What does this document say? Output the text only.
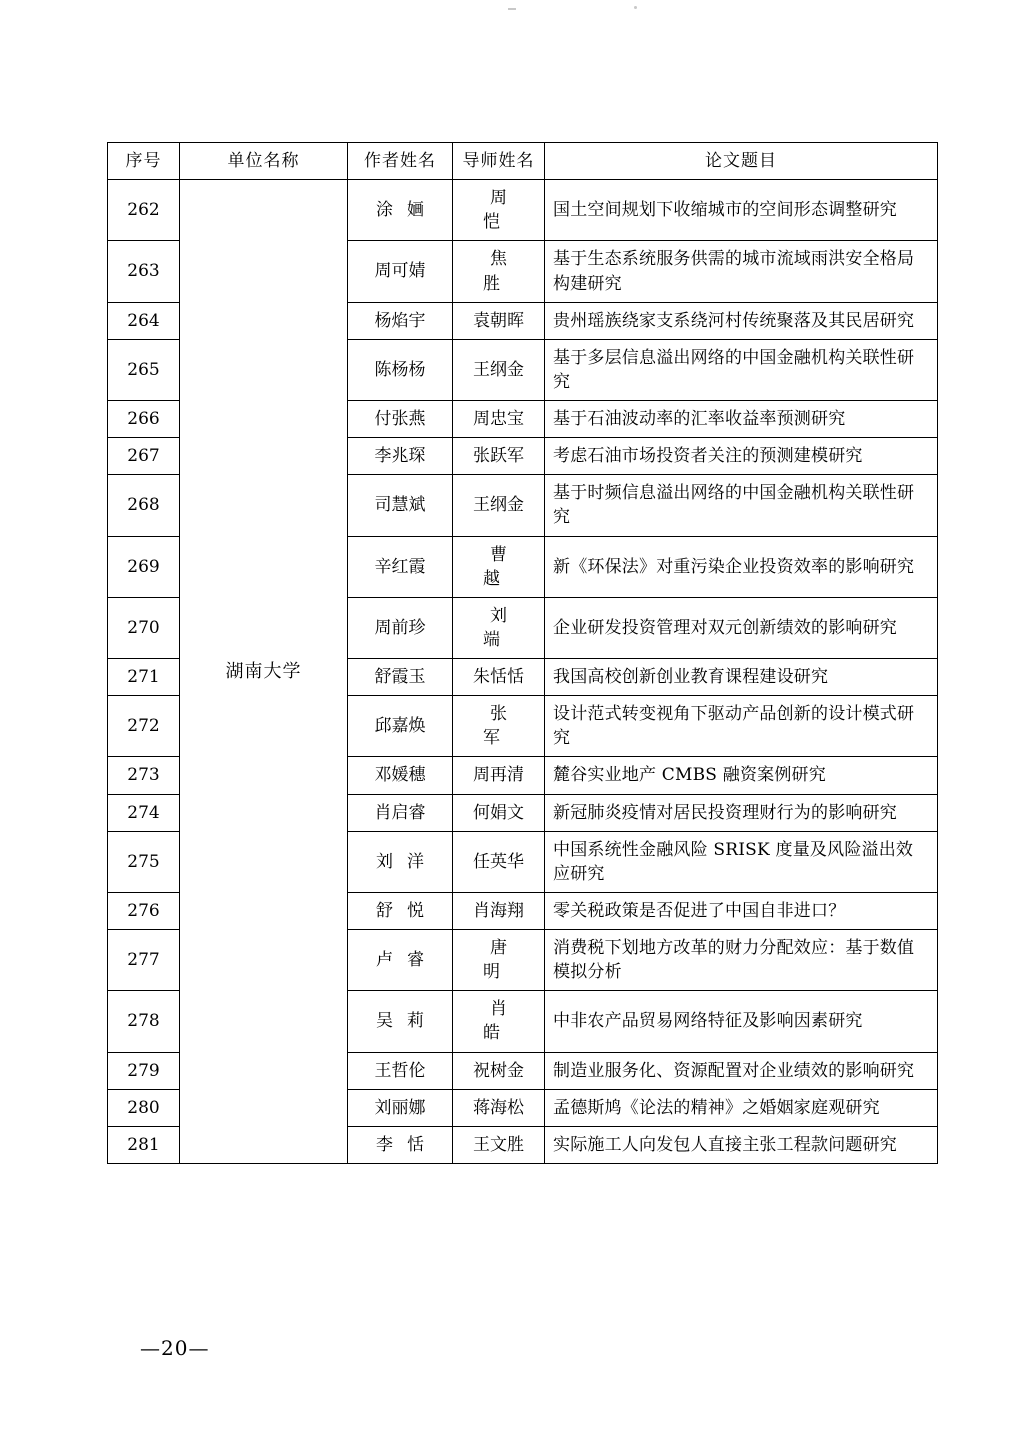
序号	单位名称	作者姓名	导师姓名	论文题目
262	湖南大学	涂婳	周恺	国土空间规划下收缩城市的空间形态调整研究
263		周可婧	焦胜	基于生态系统服务供需的城市流域雨洪安全格局构建研究
264		杨焰宇	袁朝晖	贵州瑶族绕家支系绕河村传统聚落及其民居研究
265		陈杨杨	王纲金	基于多层信息溢出网络的中国金融机构关联性研究
266		付张燕	周忠宝	基于石油波动率的汇率收益率预测研究
267		李兆琛	张跃军	考虑石油市场投资者关注的预测建模研究
268		司慧斌	王纲金	基于时频信息溢出网络的中国金融机构关联性研究
269		辛红霞	曹越	新《环保法》对重污染企业投资效率的影响研究
270		周前珍	刘端	企业研发投资管理对双元创新绩效的影响研究
271		舒霞玉	朱恬恬	我国高校创新创业教育课程建设研究
272		邱嘉焕	张军	设计范式转变视角下驱动产品创新的设计模式研究
273		邓媛穗	周再清	麓谷实业地产 CMBS 融资案例研究
274		肖启睿	何娟文	新冠肺炎疫情对居民投资理财行为的影响研究
275		刘洋	任英华	中国系统性金融风险 SRISK 度量及风险溢出效应研究
276		舒悦	肖海翔	零关税政策是否促进了中国自非进口？
277		卢睿	唐明	消费税下划地方改革的财力分配效应：基于数值模拟分析
278		吴莉	肖皓	中非农产品贸易网络特征及影响因素研究
279		王哲伦	祝树金	制造业服务化、资源配置对企业绩效的影响研究
280		刘丽娜	蒋海松	孟德斯鸠《论法的精神》之婚姻家庭观研究
281		李恬	王文胜	实际施工人向发包人直接主张工程款问题研究
—20—
